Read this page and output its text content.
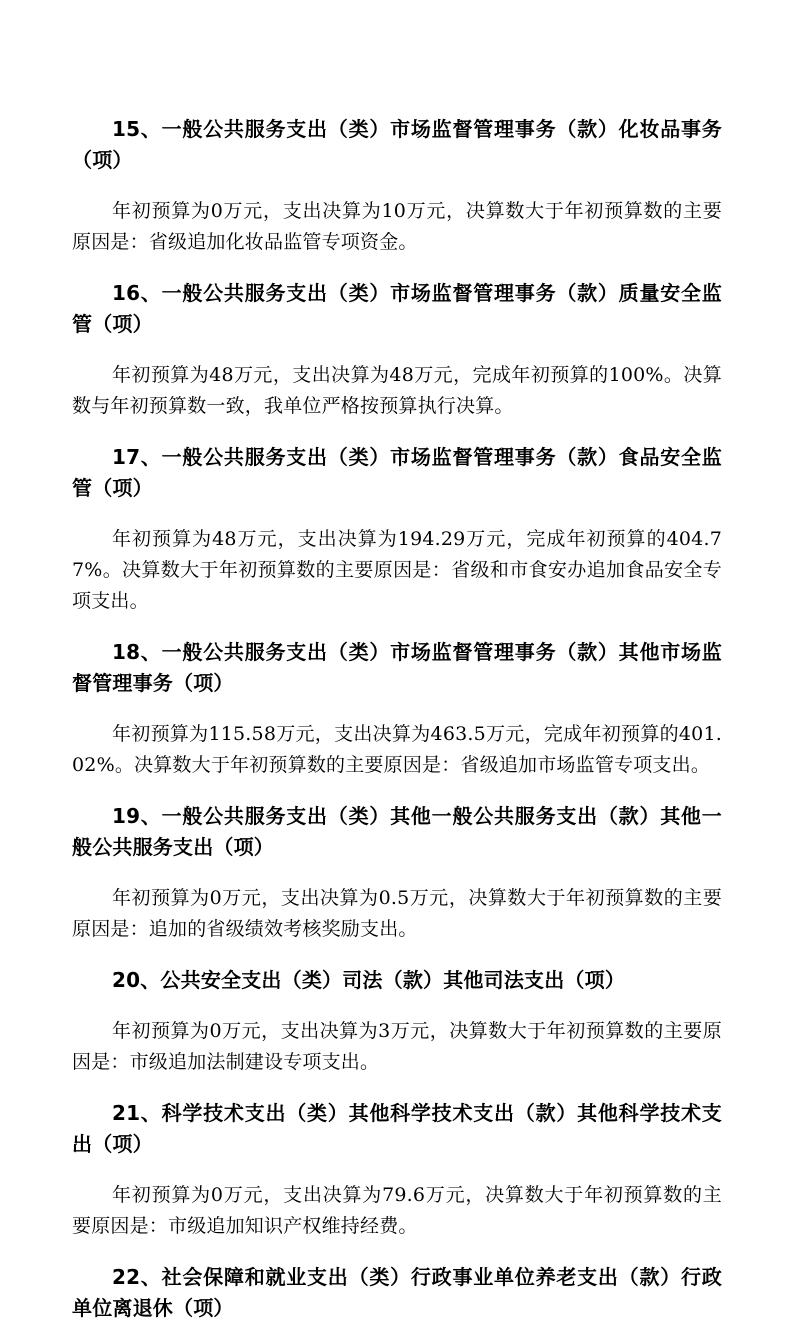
15、一般公共服务支出（类）市场监督管理事务（款）化妆品事务（项）

年初预算为0万元，支出决算为10万元，决算数大于年初预算数的主要原因是：省级追加化妆品监管专项资金。

16、一般公共服务支出（类）市场监督管理事务（款）质量安全监管（项）

年初预算为48万元，支出决算为48万元，完成年初预算的100%。决算数与年初预算数一致，我单位严格按预算执行决算。

17、一般公共服务支出（类）市场监督管理事务（款）食品安全监管（项）

年初预算为48万元，支出决算为194.29万元，完成年初预算的404.77%。决算数大于年初预算数的主要原因是：省级和市食安办追加食品安全专项支出。

18、一般公共服务支出（类）市场监督管理事务（款）其他市场监督管理事务（项）

年初预算为115.58万元，支出决算为463.5万元，完成年初预算的401.02%。决算数大于年初预算数的主要原因是：省级追加市场监管专项支出。

19、一般公共服务支出（类）其他一般公共服务支出（款）其他一般公共服务支出（项）

年初预算为0万元，支出决算为0.5万元，决算数大于年初预算数的主要原因是：追加的省级绩效考核奖励支出。

20、公共安全支出（类）司法（款）其他司法支出（项）

年初预算为0万元，支出决算为3万元，决算数大于年初预算数的主要原因是：市级追加法制建设专项支出。

21、科学技术支出（类）其他科学技术支出（款）其他科学技术支出（项）

年初预算为0万元，支出决算为79.6万元，决算数大于年初预算数的主要原因是：市级追加知识产权维持经费。

22、社会保障和就业支出（类）行政事业单位养老支出（款）行政单位离退休（项）
